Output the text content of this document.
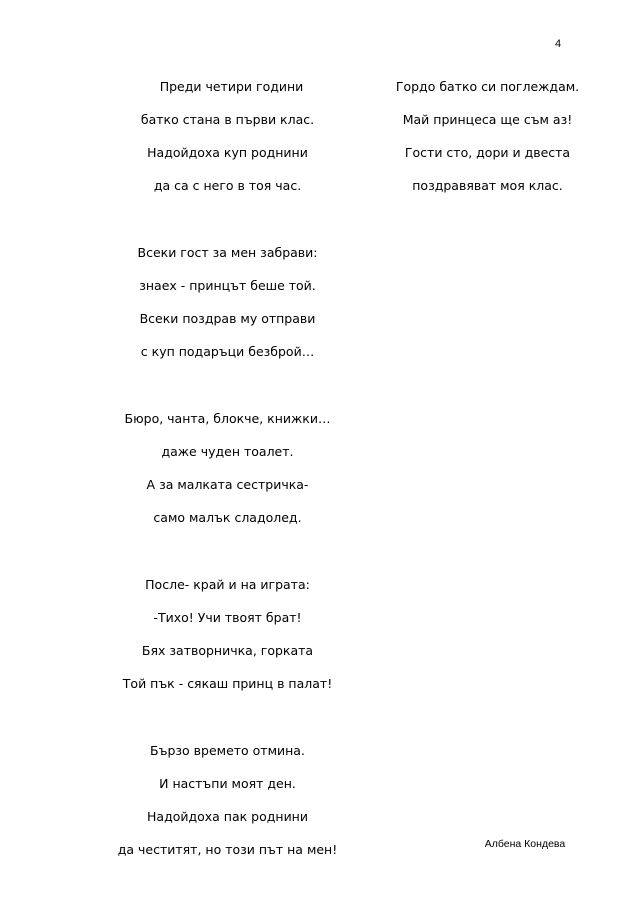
4
Преди четири години
батко стана в първи клас.
Надойдоха куп роднини
да са с него в тоя час.
Всеки гост за мен забрави:
знаех - принцът беше той.
Всеки поздрав му отправи
с куп подаръци безброй…
Бюро, чанта, блокче, книжки…
даже чуден тоалет.
А за малката сестричка-
само малък сладолед.
После- край и на играта:
-Тихо! Учи твоят брат!
Бях затворничка, горката
Той пък - сякаш принц в палат!
Бързо времето отмина.
И настъпи моят ден.
Надойдоха пак роднини
да честитят, но този път на мен!
Гордо батко си поглеждам.
Май принцеса ще съм аз!
Гости сто, дори и двеста
поздравяват моя клас.
Албена Кондева
